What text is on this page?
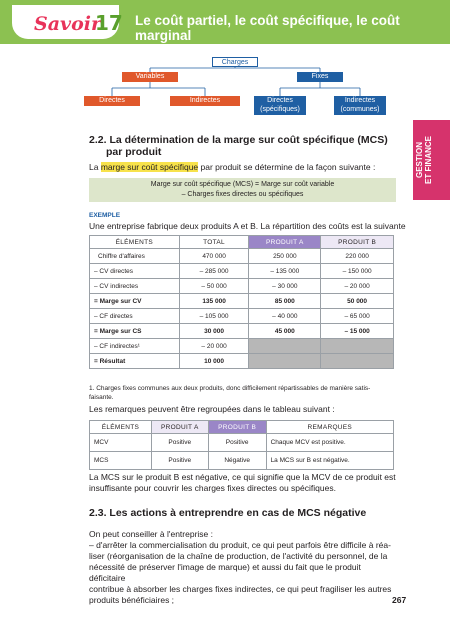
Savoir
17 Le coût partiel, le coût spécifique, le coût marginal
Charges
Variables	Fixes
Directes	Indirectes	Directes (spécifiques)
Indirectes (communes)
GESTION ET FINANCE
2.2. La détermination de la marge sur coût spécifique (MCS)
par produit
La marge sur coût spécifique par produit se détermine de la façon suivante :
Marge sur coût spécifique (MCS) = Marge sur coût variable
– Charges fixes directes ou spécifiques
EXEMPLE
Une entreprise fabrique deux produits A et B. La répartition des coûts est la suivante
ÉLÉMENTS	TOTAL	PRODUIT A	PRODUIT B
Chiffre d'affaires	470 000	250 000	220 000
– CV directes	– 285 000	– 135 000	– 150 000
– CV indirectes	– 50 000	– 30 000	– 20 000
= Marge sur CV	135 000	85 000	50 000
– CF directes	– 105 000	– 40 000	– 65 000
= Marge sur CS	30 000	45 000	– 15 000
– CF indirectes¹	– 20 000		
= Résultat	10 000		
1. Charges fixes communes aux deux produits, donc difficilement répartissables de manière satis-
faisante.
Les remarques peuvent être regroupées dans le tableau suivant :
ÉLÉMENTS	PRODUIT A	PRODUIT B	REMARQUES
MCV	Positive	Positive	Chaque MCV est positive.
MCS	Positive	Négative	La MCS sur B est négative.
La MCS sur le produit B est négative, ce qui signifie que la MCV de ce produit est
insuffisante pour couvrir les charges fixes directes ou spécifiques.
2.3. Les actions à entreprendre en cas de MCS négative
On peut conseiller à l'entreprise :
– d'arrêter la commercialisation du produit, ce qui peut parfois être difficile à réa-
liser (réorganisation de la chaîne de production, de l'activité du personnel, de la
nécessité de préserver l'image de marque) et aussi du fait que le produit déficitaire
contribue à absorber les charges fixes indirectes, ce qui peut fragiliser les autres
produits bénéficiaires ;	267
